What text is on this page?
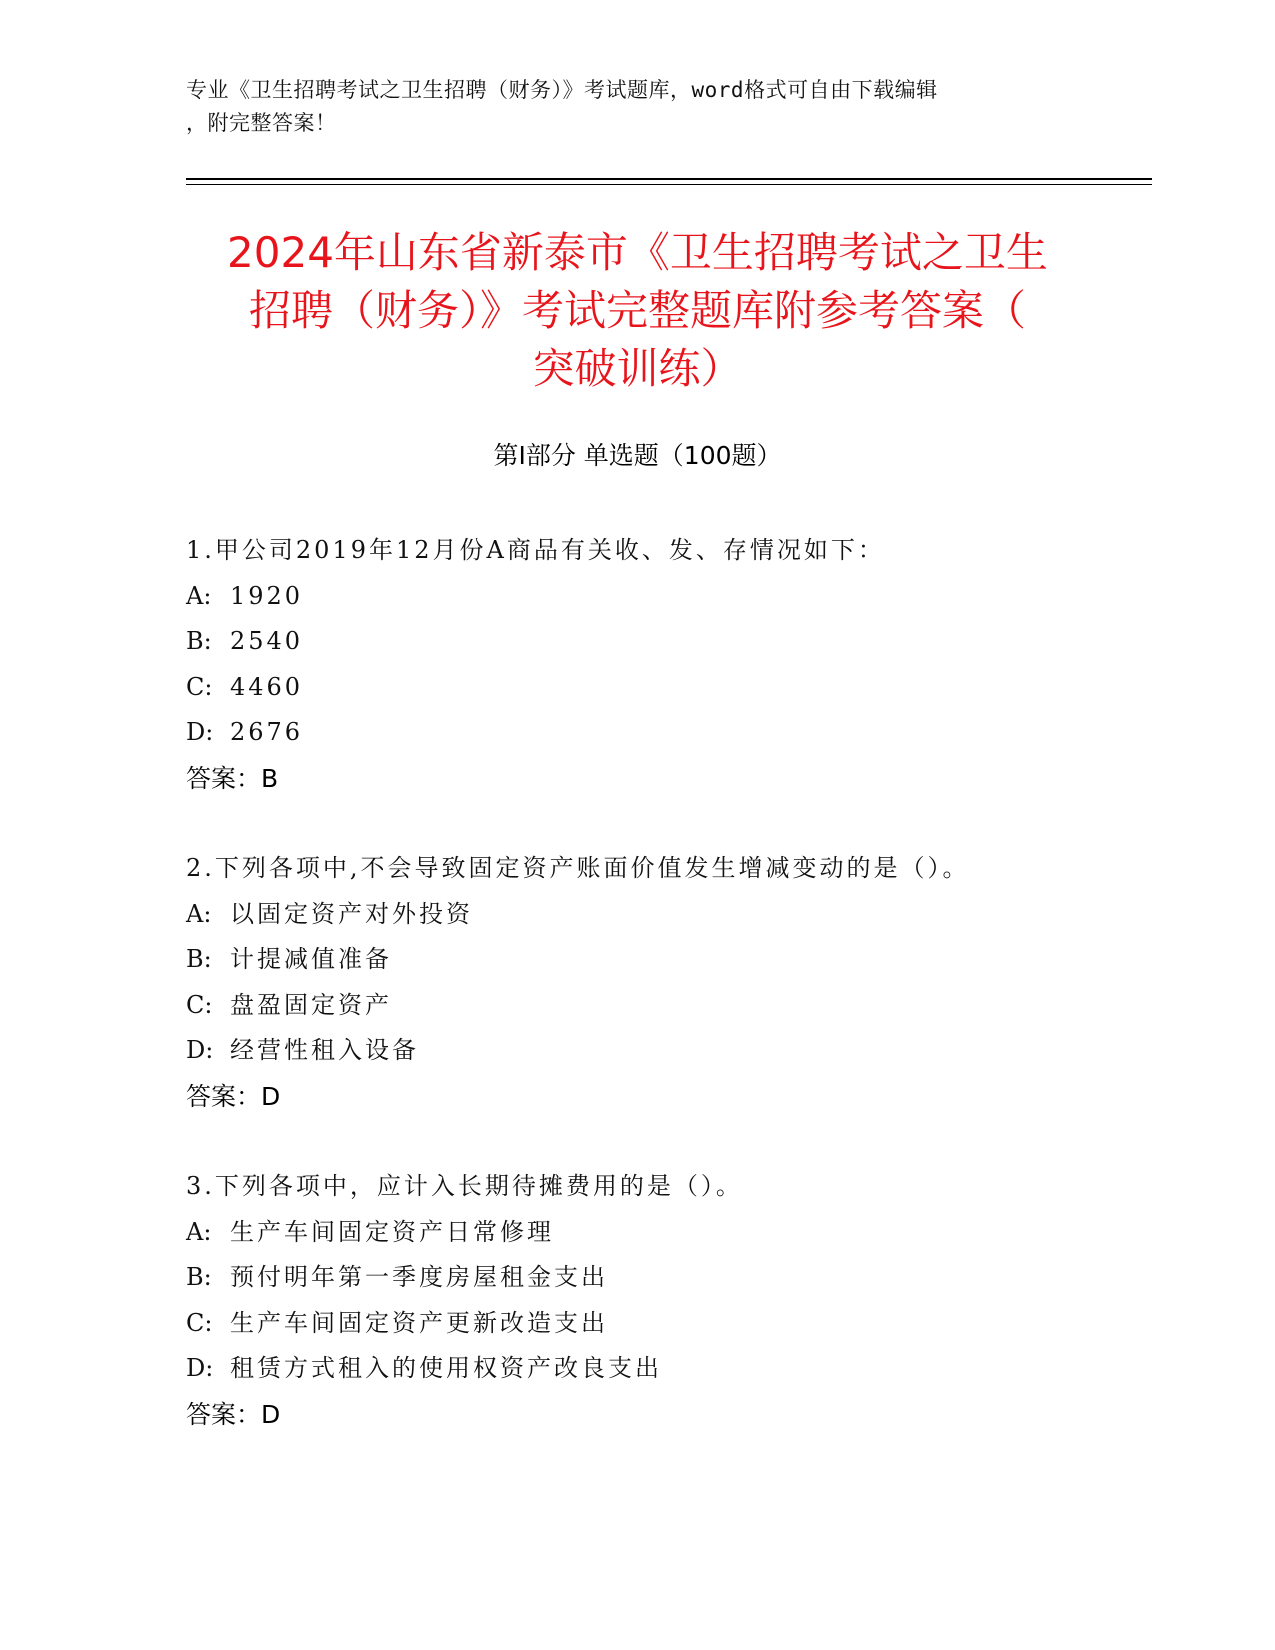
专业《卫生招聘考试之卫生招聘（财务）》考试题库，word格式可自由下载编辑
，附完整答案！
2024年山东省新泰市《卫生招聘考试之卫生
招聘（财务）》考试完整题库附参考答案（
突破训练）
第Ⅰ部分 单选题（100题）
1.甲公司2019年12月份A商品有关收、发、存情况如下：
A: 1920
B: 2540
C: 4460
D: 2676
答案：B
2.下列各项中,不会导致固定资产账面价值发生增减变动的是（）。
A: 以固定资产对外投资
B: 计提减值准备
C: 盘盈固定资产
D: 经营性租入设备
答案：D
3.下列各项中，应计入长期待摊费用的是（）。
A: 生产车间固定资产日常修理
B: 预付明年第一季度房屋租金支出
C: 生产车间固定资产更新改造支出
D: 租赁方式租入的使用权资产改良支出
答案：D
